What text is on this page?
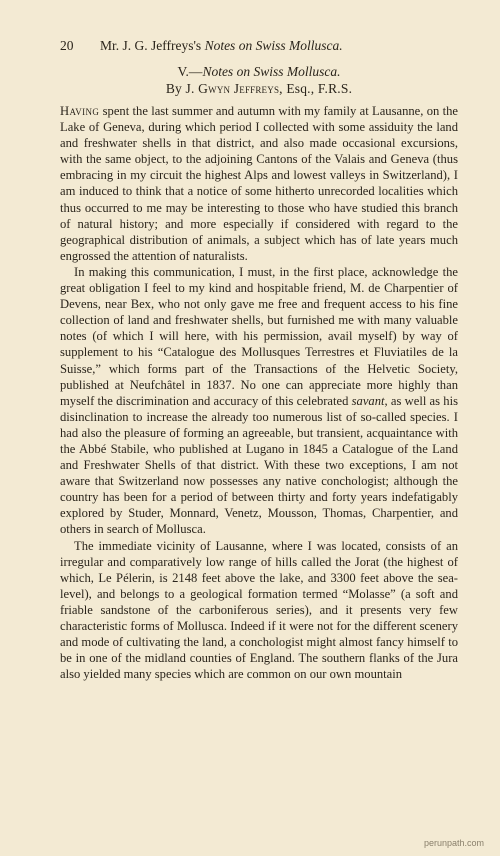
20	Mr. J. G. Jeffreys's Notes on Swiss Mollusca.
V.—Notes on Swiss Mollusca.
By J. Gwyn Jeffreys, Esq., F.R.S.

Having spent the last summer and autumn with my family at Lausanne, on the Lake of Geneva, during which period I collected with some assiduity the land and freshwater shells in that district, and also made occasional excursions, with the same object, to the adjoining Cantons of the Valais and Geneva (thus embracing in my circuit the highest Alps and lowest valleys in Switzerland), I am induced to think that a notice of some hitherto unrecorded localities which thus occurred to me may be interesting to those who have studied this branch of natural history; and more especially if considered with regard to the geographical distribution of animals, a subject which has of late years much engrossed the attention of naturalists.

In making this communication, I must, in the first place, acknowledge the great obligation I feel to my kind and hospitable friend, M. de Charpentier of Devens, near Bex, who not only gave me free and frequent access to his fine collection of land and freshwater shells, but furnished me with many valuable notes (of which I will here, with his permission, avail myself) by way of supplement to his “Catalogue des Mollusques Terrestres et Fluviatiles de la Suisse,” which forms part of the Transactions of the Helvetic Society, published at Neufchâtel in 1837. No one can appreciate more highly than myself the discrimination and accuracy of this celebrated savant, as well as his disinclination to increase the already too numerous list of so-called species. I had also the pleasure of forming an agreeable, but transient, acquaintance with the Abbé Stabile, who published at Lugano in 1845 a Catalogue of the Land and Freshwater Shells of that district. With these two exceptions, I am not aware that Switzerland now possesses any native conchologist; although the country has been for a period of between thirty and forty years indefatigably explored by Studer, Monnard, Venetz, Mousson, Thomas, Charpentier, and others in search of Mollusca.

The immediate vicinity of Lausanne, where I was located, consists of an irregular and comparatively low range of hills called the Jorat (the highest of which, Le Pélerin, is 2148 feet above the lake, and 3300 feet above the sea-level), and belongs to a geological formation termed “Molasse” (a soft and friable sandstone of the carboniferous series), and it presents very few characteristic forms of Mollusca. Indeed if it were not for the different scenery and mode of cultivating the land, a conchologist might almost fancy himself to be in one of the midland counties of England. The southern flanks of the Jura also yielded many species which are common on our own mountain

perunpath.com
